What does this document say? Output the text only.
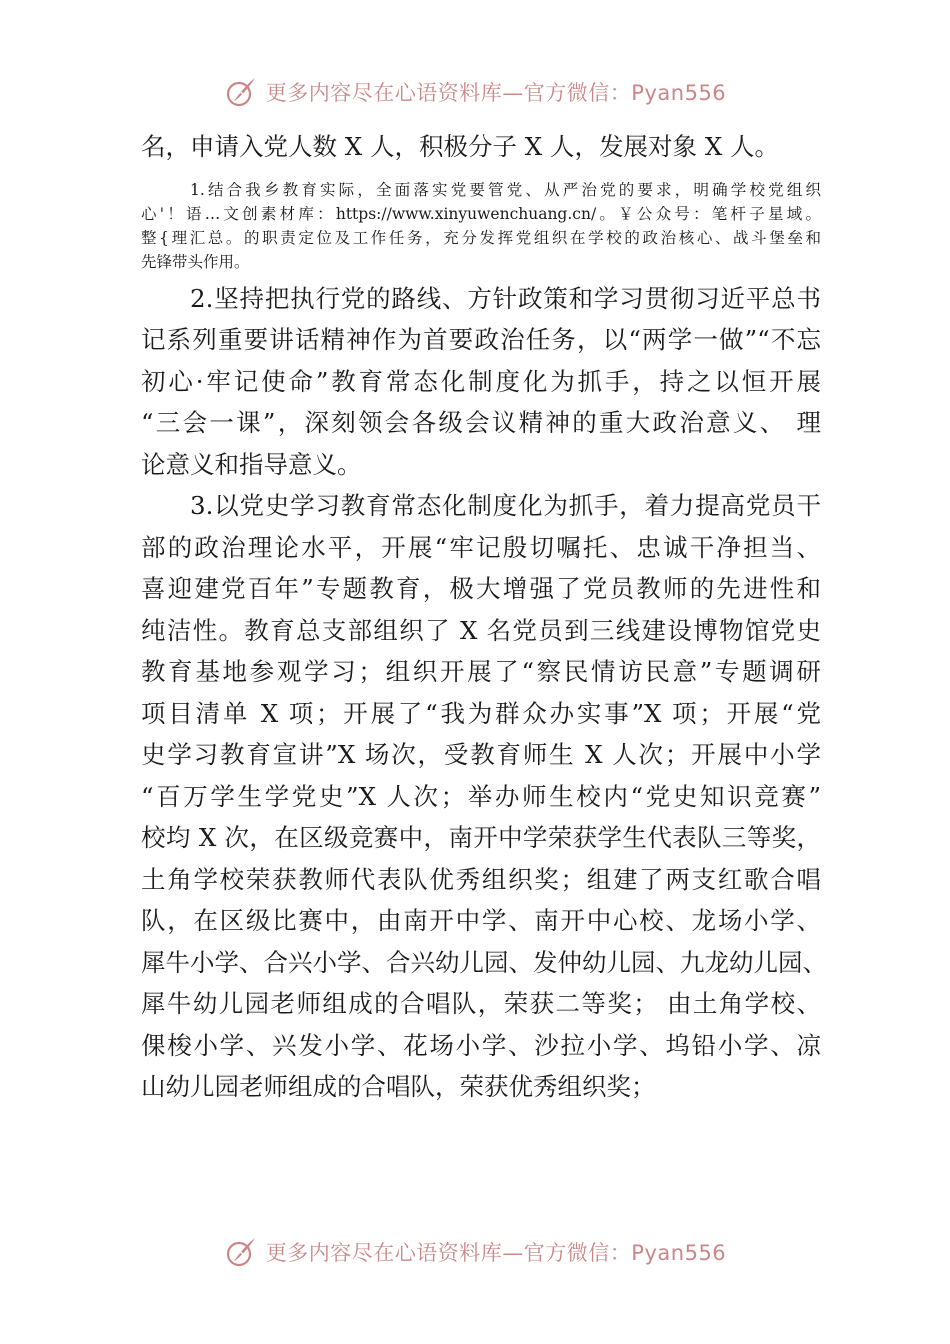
更多内容尽在心语资料库—官方微信：Pyan556
名，申请入党人数 X 人，积极分子 X 人，发展对象 X 人。
1.结合我乡教育实际，全面落实党要管党、从严治党的要求，明确学校党组织
心'！语…文创素材库：https://www.xinyuwenchuang.cn/。￥公众号：笔杆子星域。
整{理汇总。的职责定位及工作任务，充分发挥党组织在学校的政治核心、战斗堡垒和
先锋带头作用。
2.坚持把执行党的路线、方针政策和学习贯彻习近平总书
记系列重要讲话精神作为首要政治任务，以“两学一做”“不忘
初心·牢记使命”教育常态化制度化为抓手，持之以恒开展
“三会一课”，深刻领会各级会议精神的重大政治意义、 理
论意义和指导意义。
3.以党史学习教育常态化制度化为抓手，着力提高党员干
部的政治理论水平，开展“牢记殷切嘱托、忠诚干净担当、
喜迎建党百年”专题教育，极大增强了党员教师的先进性和
纯洁性。教育总支部组织了 X 名党员到三线建设博物馆党史
教育基地参观学习；组织开展了“察民情访民意”专题调研
项目清单 X 项；开展了“我为群众办实事”X 项；开展“党
史学习教育宣讲”X 场次，受教育师生 X 人次；开展中小学
“百万学生学党史”X 人次；举办师生校内“党史知识竞赛”
校均 X 次，在区级竞赛中，南开中学荣获学生代表队三等奖，
土角学校荣获教师代表队优秀组织奖；组建了两支红歌合唱
队，在区级比赛中，由南开中学、南开中心校、龙场小学、
犀牛小学、合兴小学、合兴幼儿园、发仲幼儿园、九龙幼儿园、
犀牛幼儿园老师组成的合唱队，荣获二等奖； 由土角学校、
倮梭小学、兴发小学、花场小学、沙拉小学、坞铅小学、凉
山幼儿园老师组成的合唱队，荣获优秀组织奖；
更多内容尽在心语资料库—官方微信：Pyan556
